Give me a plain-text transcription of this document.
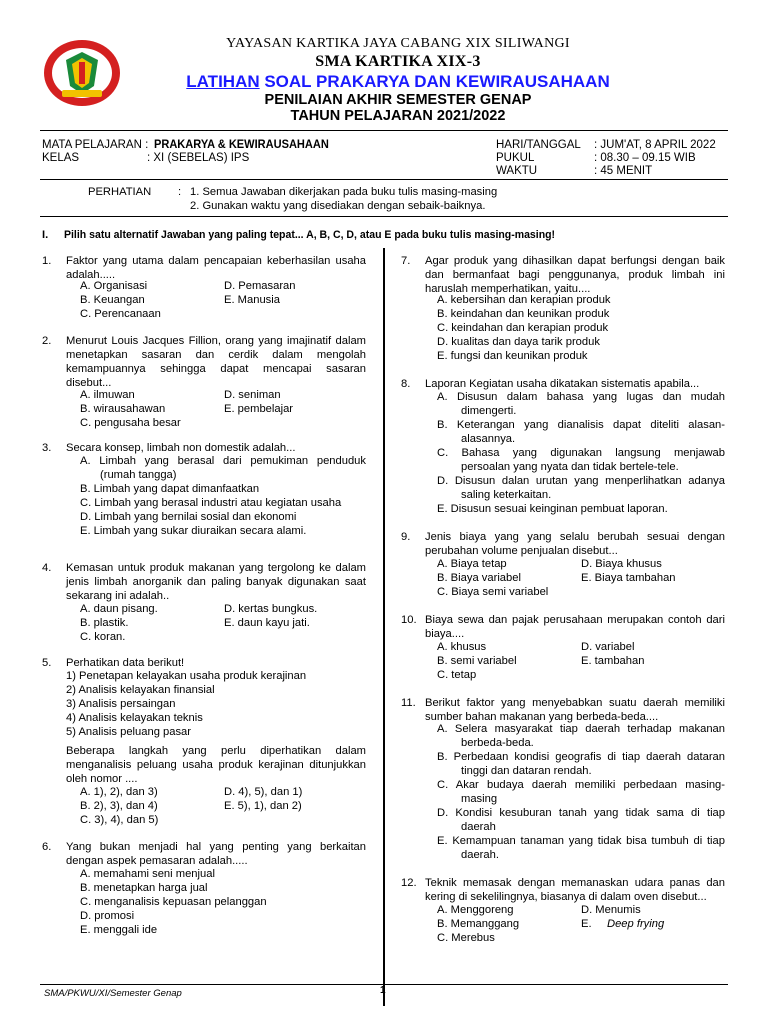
YAYASAN KARTIKA JAYA CABANG XIX SILIWANGI
SMA KARTIKA XIX-3
LATIHAN SOAL PRAKARYA DAN KEWIRAUSAHAAN
PENILAIAN AKHIR SEMESTER GENAP
TAHUN PELAJARAN 2021/2022
MATA PELAJARAN : PRAKARYA & KEWIRAUSAHAAN
KELAS	: XI (SEBELAS) IPS
HARI/TANGGAL : JUM'AT, 8 APRIL 2022
PUKUL	: 08.30 – 09.15 WIB
WAKTU	: 45 MENIT
PERHATIAN : 1. Semua Jawaban dikerjakan pada buku tulis masing-masing
2. Gunakan waktu yang disediakan dengan sebaik-baiknya.
I. Pilih satu alternatif Jawaban yang paling tepat... A, B, C, D, atau E pada buku tulis masing-masing!
1. Faktor yang utama dalam pencapaian keberhasilan usaha adalah.....
A. Organisasi	D. Pemasaran
B. Keuangan	E. Manusia
C. Perencanaan
2. Menurut Louis Jacques Fillion, orang yang imajinatif dalam menetapkan sasaran dan cerdik dalam mengolah kemampuannya sehingga dapat mencapai sasaran disebut...
A. ilmuwan	D. seniman
B. wirausahawan	E. pembelajar
C. pengusaha besar
3. Secara konsep, limbah non domestik adalah...
A. Limbah yang berasal dari pemukiman penduduk
(rumah tangga)
B. Limbah yang dapat dimanfaatkan
C. Limbah yang berasal industri atau kegiatan usaha
D. Limbah yang bernilai sosial dan ekonomi
E. Limbah yang sukar diuraikan secara alami.
4. Kemasan untuk produk makanan yang tergolong ke dalam jenis limbah anorganik dan paling banyak digunakan saat sekarang ini adalah..
A. daun pisang.	D. kertas bungkus.
B. plastik.	E. daun kayu jati.
C. koran.
5. Perhatikan data berikut!
1) Penetapan kelayakan usaha produk kerajinan
2) Analisis kelayakan finansial
3) Analisis persaingan
4) Analisis kelayakan teknis
5) Analisis peluang pasar
Beberapa langkah yang perlu diperhatikan dalam menganalisis peluang usaha produk kerajinan ditunjukkan oleh nomor ....
A. 1), 2), dan 3)	D. 4), 5), dan 1)
B. 2), 3), dan 4)	E. 5), 1), dan 2)
C. 3), 4), dan 5)
6. Yang bukan menjadi hal yang penting yang berkaitan dengan aspek pemasaran adalah.....
A. memahami seni menjual
B. menetapkan harga jual
C. menganalisis kepuasan pelanggan
D. promosi
E. menggali ide
7. Agar produk yang dihasilkan dapat berfungsi dengan baik dan bermanfaat bagi penggunanya, produk limbah ini haruslah memperhatikan, yaitu....
A. kebersihan dan kerapian produk
B. keindahan dan keunikan produk
C. keindahan dan kerapian produk
D. kualitas dan daya tarik produk
E. fungsi dan keunikan produk
8. Laporan Kegiatan usaha dikatakan sistematis apabila...
A. Disusun dalam bahasa yang lugas dan mudah
dimengerti.
B. Keterangan yang dianalisis dapat diteliti alasan-
alasannya.
C. Bahasa yang digunakan langsung menjawab
persoalan yang nyata dan tidak bertele-tele.
D. Disusun dalan urutan yang menperlihatkan adanya
saling keterkaitan.
E. Disusun sesuai keinginan pembuat laporan.
9. Jenis biaya yang yang selalu berubah sesuai dengan perubahan volume penjualan disebut...
A. Biaya tetap	D. Biaya khusus
B. Biaya variabel	E. Biaya tambahan
C. Biaya semi variabel
10. Biaya sewa dan pajak perusahaan merupakan contoh dari biaya....
A. khusus	D. variabel
B. semi variabel	E. tambahan
C. tetap
11. Berikut faktor yang menyebabkan suatu daerah memiliki sumber bahan makanan yang berbeda-beda....
A. Selera masyarakat tiap daerah terhadap makanan
berbeda-beda.
B. Perbedaan kondisi geografis di tiap daerah dataran
tinggi dan dataran rendah.
C. Akar budaya daerah memiliki perbedaan masing-
masing
D. Kondisi kesuburan tanah yang tidak sama di tiap
daerah
E. Kemampuan tanaman yang tidak bisa tumbuh di tiap
daerah.
12. Teknik memasak dengan memanaskan udara panas dan kering di sekelilingnya, biasanya di dalam oven disebut...
A. Menggoreng	D. Menumis
B. Memanggang	E. Deep frying
C. Merebus
SMA/PKWU/XI/Semester Genap	1
